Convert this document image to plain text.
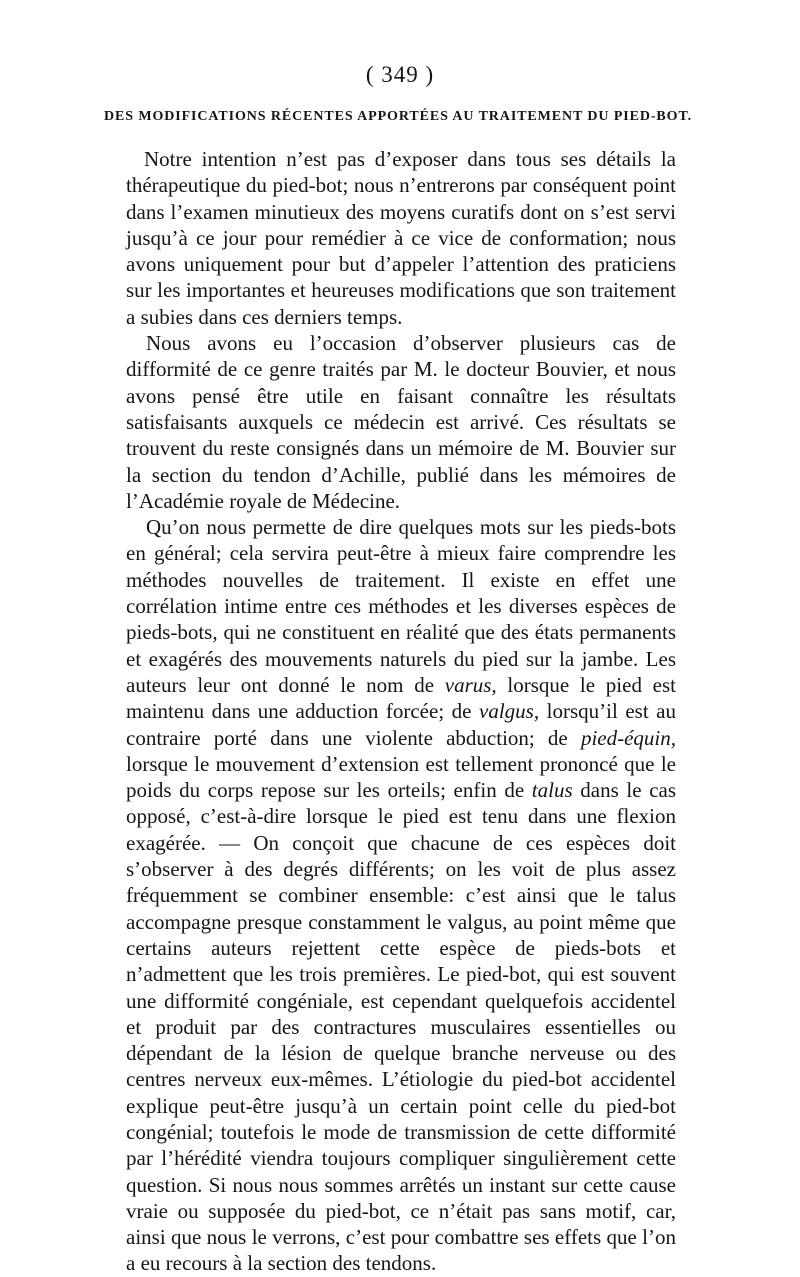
( 349 )
DES MODIFICATIONS RÉCENTES APPORTÉES AU TRAITEMENT DU PIED-BOT.

Notre intention n’est pas d’exposer dans tous ses détails la thérapeutique du pied-bot; nous n’entrerons par conséquent point dans l’examen minutieux des moyens curatifs dont on s’est servi jusqu’à ce jour pour remédier à ce vice de conformation; nous avons uniquement pour but d’appeler l’attention des praticiens sur les importantes et heureuses modifications que son traitement a subies dans ces derniers temps.

Nous avons eu l’occasion d’observer plusieurs cas de difformité de ce genre traités par M. le docteur Bouvier, et nous avons pensé être utile en faisant connaître les résultats satisfaisants auxquels ce médecin est arrivé. Ces résultats se trouvent du reste consignés dans un mémoire de M. Bouvier sur la section du tendon d’Achille, publié dans les mémoires de l’Académie royale de Médecine.

Qu’on nous permette de dire quelques mots sur les pieds-bots en général; cela servira peut-être à mieux faire comprendre les méthodes nouvelles de traitement. Il existe en effet une corrélation intime entre ces méthodes et les diverses espèces de pieds-bots, qui ne constituent en réalité que des états permanents et exagérés des mouvements naturels du pied sur la jambe. Les auteurs leur ont donné le nom de varus, lorsque le pied est maintenu dans une adduction forcée; de valgus, lorsqu’il est au contraire porté dans une violente abduction; de pied-équin, lorsque le mouvement d’extension est tellement prononcé que le poids du corps repose sur les orteils; enfin de talus dans le cas opposé, c’est-à-dire lorsque le pied est tenu dans une flexion exagérée. — On conçoit que chacune de ces espèces doit s’observer à des degrés différents; on les voit de plus assez fréquemment se combiner ensemble: c’est ainsi que le talus accompagne presque constamment le valgus, au point même que certains auteurs rejettent cette espèce de pieds-bots et n’admettent que les trois premières. Le pied-bot, qui est souvent une difformité congéniale, est cependant quelquefois accidentel et produit par des contractures musculaires essentielles ou dépendant de la lésion de quelque branche nerveuse ou des centres nerveux eux-mêmes. L’étiologie du pied-bot accidentel explique peut-être jusqu’à un certain point celle du pied-bot congénial; toutefois le mode de transmission de cette difformité par l’hérédité viendra toujours compliquer singulièrement cette question. Si nous nous sommes arrêtés un instant sur cette cause vraie ou supposée du pied-bot, ce n’était pas sans motif, car, ainsi que nous le verrons, c’est pour combattre ses effets que l’on a eu recours à la section des tendons.
